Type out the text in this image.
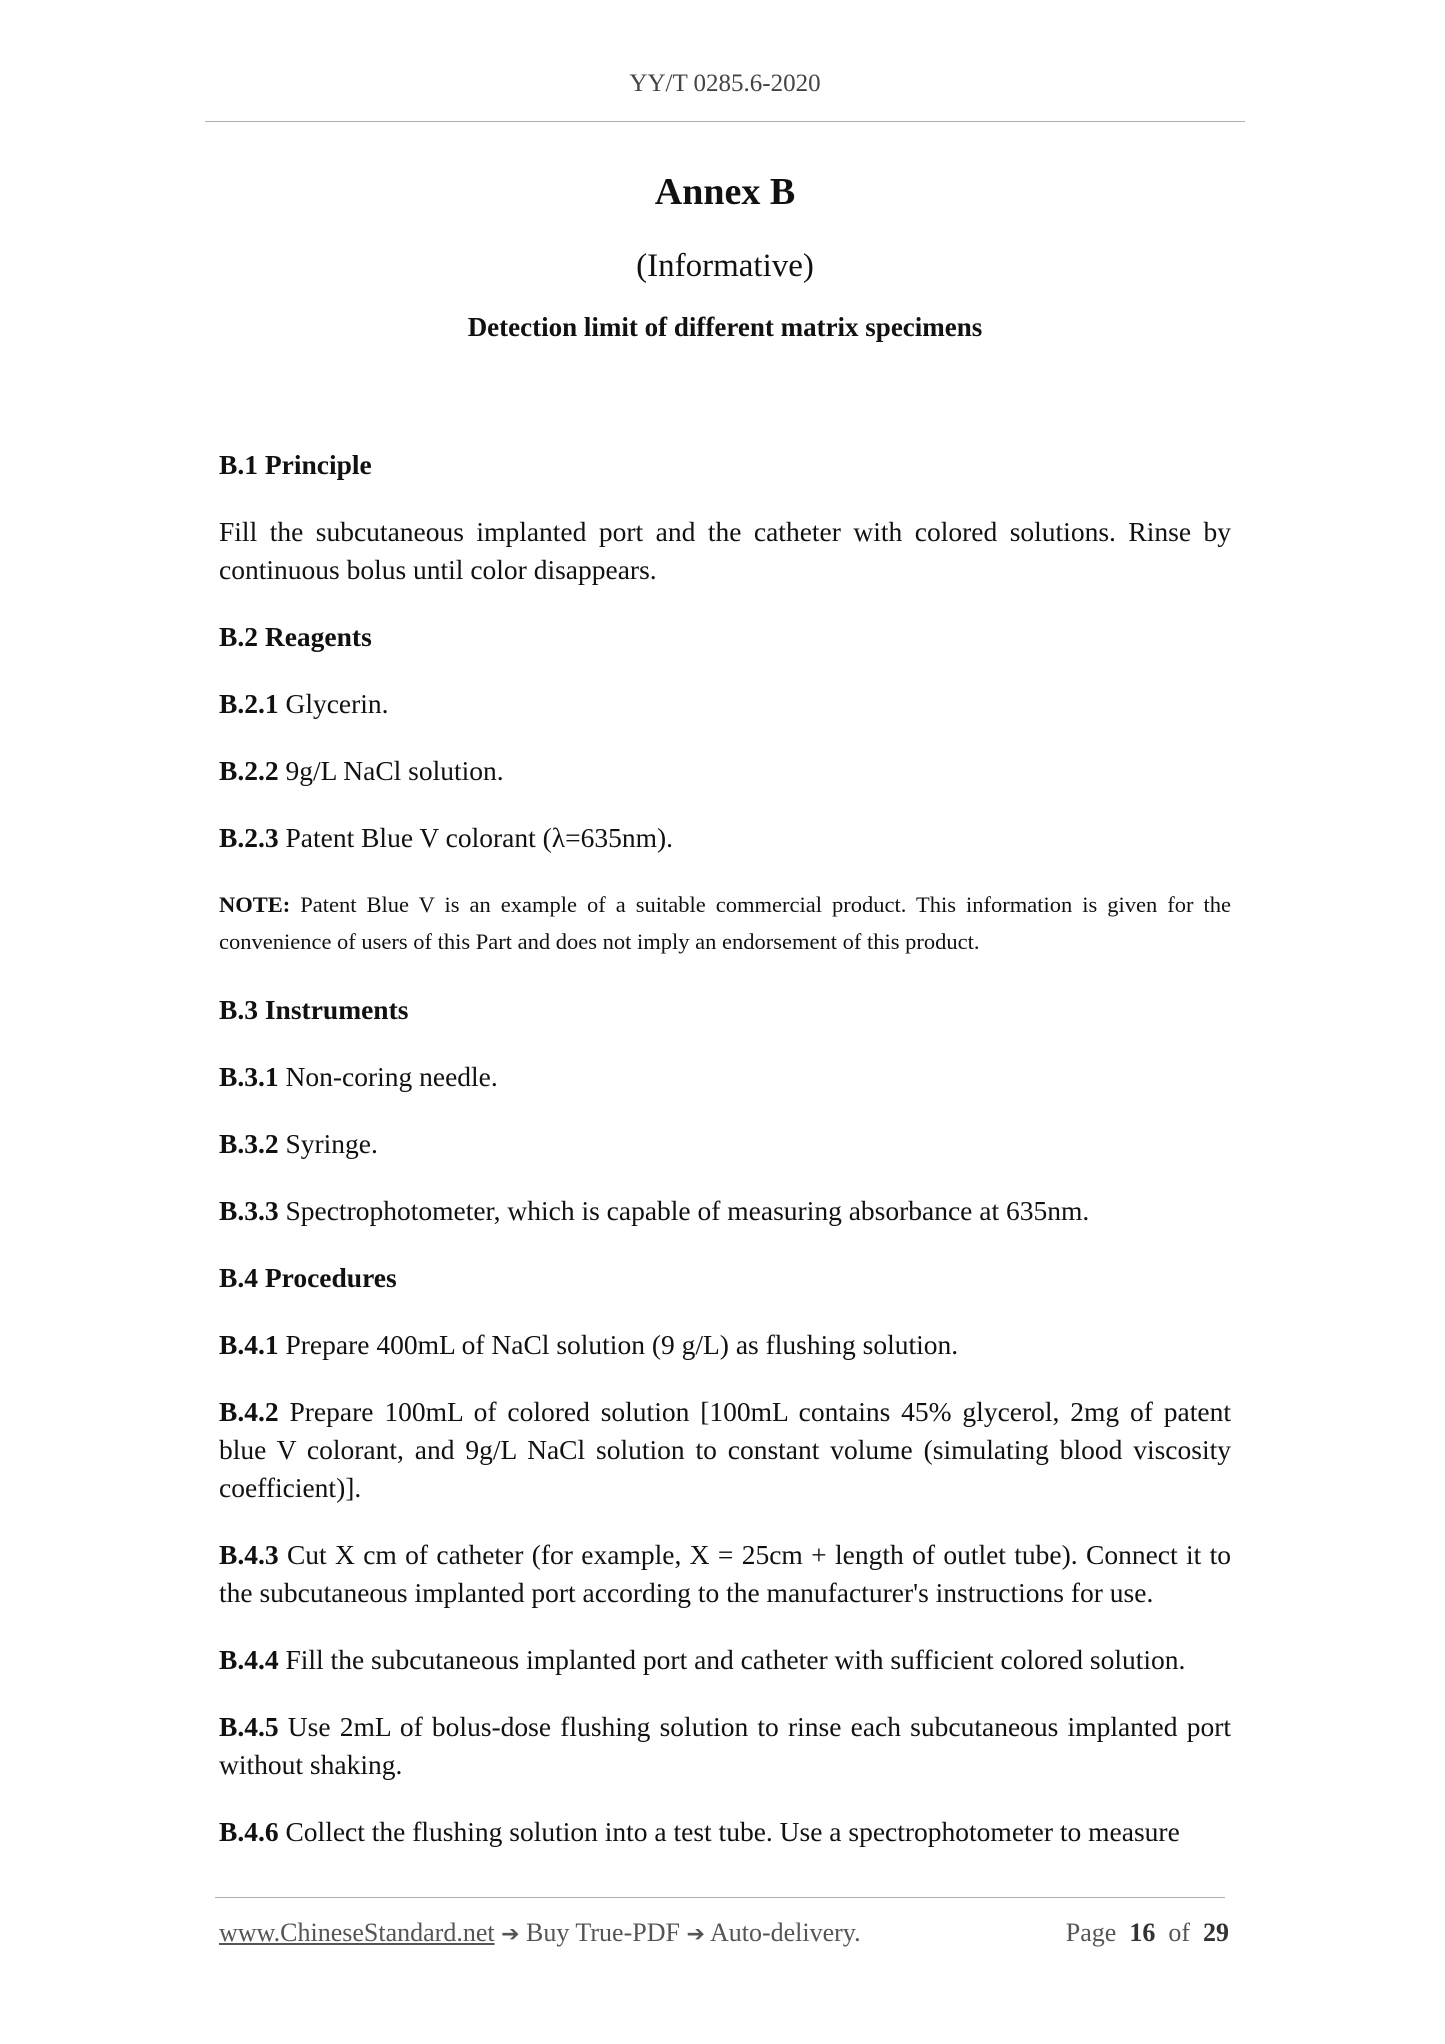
YY/T 0285.6-2020
Annex B
(Informative)
Detection limit of different matrix specimens

B.1 Principle

Fill the subcutaneous implanted port and the catheter with colored solutions. Rinse by continuous bolus until color disappears.

B.2 Reagents

B.2.1 Glycerin.

B.2.2 9g/L NaCl solution.

B.2.3 Patent Blue V colorant (λ=635nm).

NOTE: Patent Blue V is an example of a suitable commercial product. This information is given for the convenience of users of this Part and does not imply an endorsement of this product.

B.3 Instruments

B.3.1 Non-coring needle.

B.3.2 Syringe.

B.3.3 Spectrophotometer, which is capable of measuring absorbance at 635nm.

B.4 Procedures

B.4.1 Prepare 400mL of NaCl solution (9 g/L) as flushing solution.

B.4.2 Prepare 100mL of colored solution [100mL contains 45% glycerol, 2mg of patent blue V colorant, and 9g/L NaCl solution to constant volume (simulating blood viscosity coefficient)].

B.4.3 Cut X cm of catheter (for example, X = 25cm + length of outlet tube). Connect it to the subcutaneous implanted port according to the manufacturer's instructions for use.

B.4.4 Fill the subcutaneous implanted port and catheter with sufficient colored solution.

B.4.5 Use 2mL of bolus-dose flushing solution to rinse each subcutaneous implanted port without shaking.

B.4.6 Collect the flushing solution into a test tube. Use a spectrophotometer to measure

www.ChineseStandard.net ➔ Buy True-PDF ➔ Auto-delivery.	Page 16 of 29
